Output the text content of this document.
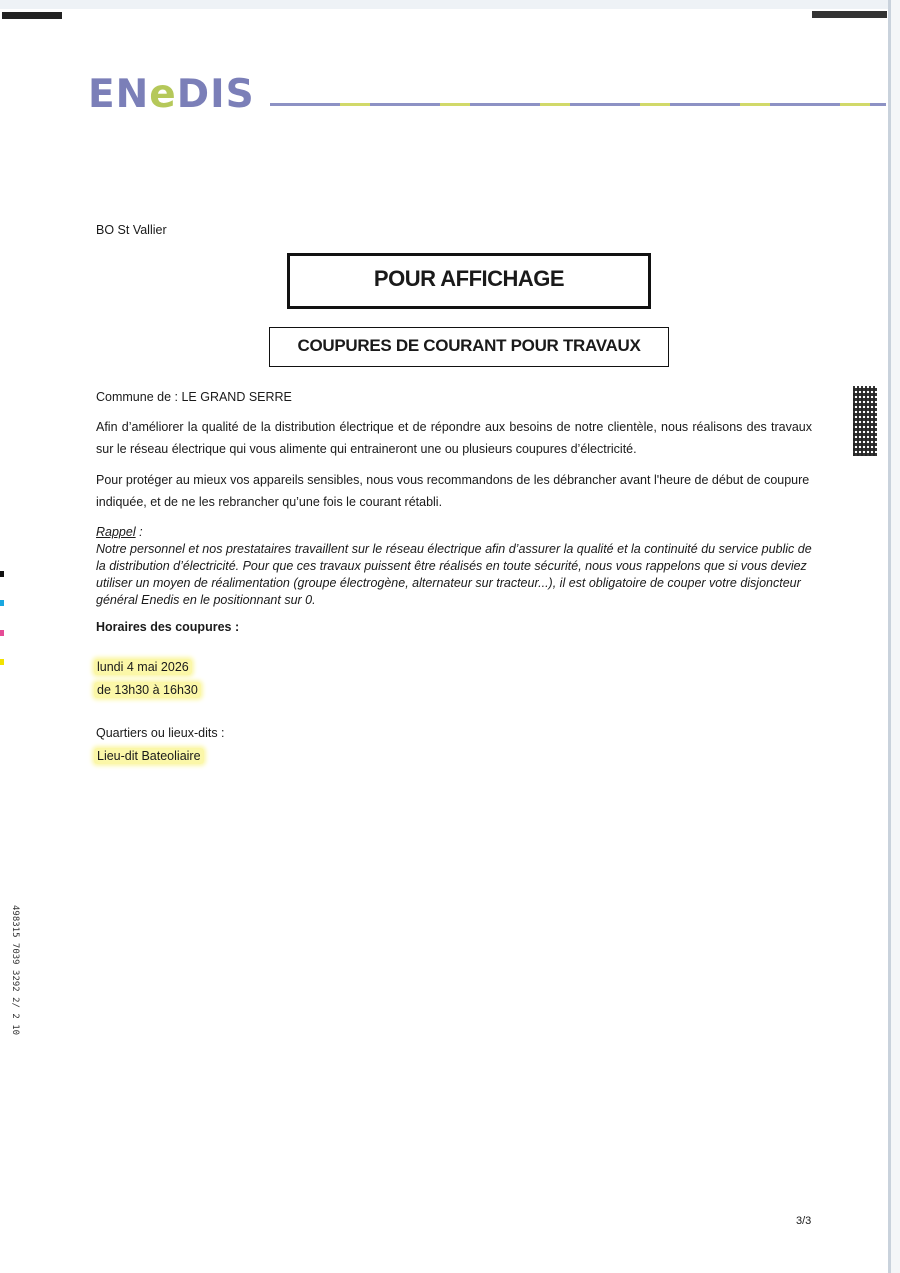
ENeDIS
BO St Vallier
POUR AFFICHAGE
COUPURES DE COURANT POUR TRAVAUX
Commune de : LE GRAND SERRE
Afin d’améliorer la qualité de la distribution électrique et de répondre aux besoins de notre clientèle, nous réalisons des travaux sur le réseau électrique qui vous alimente qui entraineront une ou plusieurs coupures d’électricité.
Pour protéger au mieux vos appareils sensibles, nous vous recommandons de les débrancher avant l'heure de début de coupure
indiquée, et de ne les rebrancher qu’une fois le courant rétabli.
Rappel :
Notre personnel et nos prestataires travaillent sur le réseau électrique afin d’assurer la qualité et la continuité du service public de la distribution d’électricité. Pour que ces travaux puissent être réalisés en toute sécurité, nous vous rappelons que si vous deviez utiliser un moyen de réalimentation (groupe électrogène, alternateur sur tracteur...), il est obligatoire de couper votre disjoncteur général Enedis en le positionnant sur 0.
Horaires des coupures :
lundi 4 mai 2026
de 13h30 à 16h30
Quartiers ou lieux-dits :
Lieu-dit Bateoliaire
498315 7039 3292 2/ 2 10
3/3
